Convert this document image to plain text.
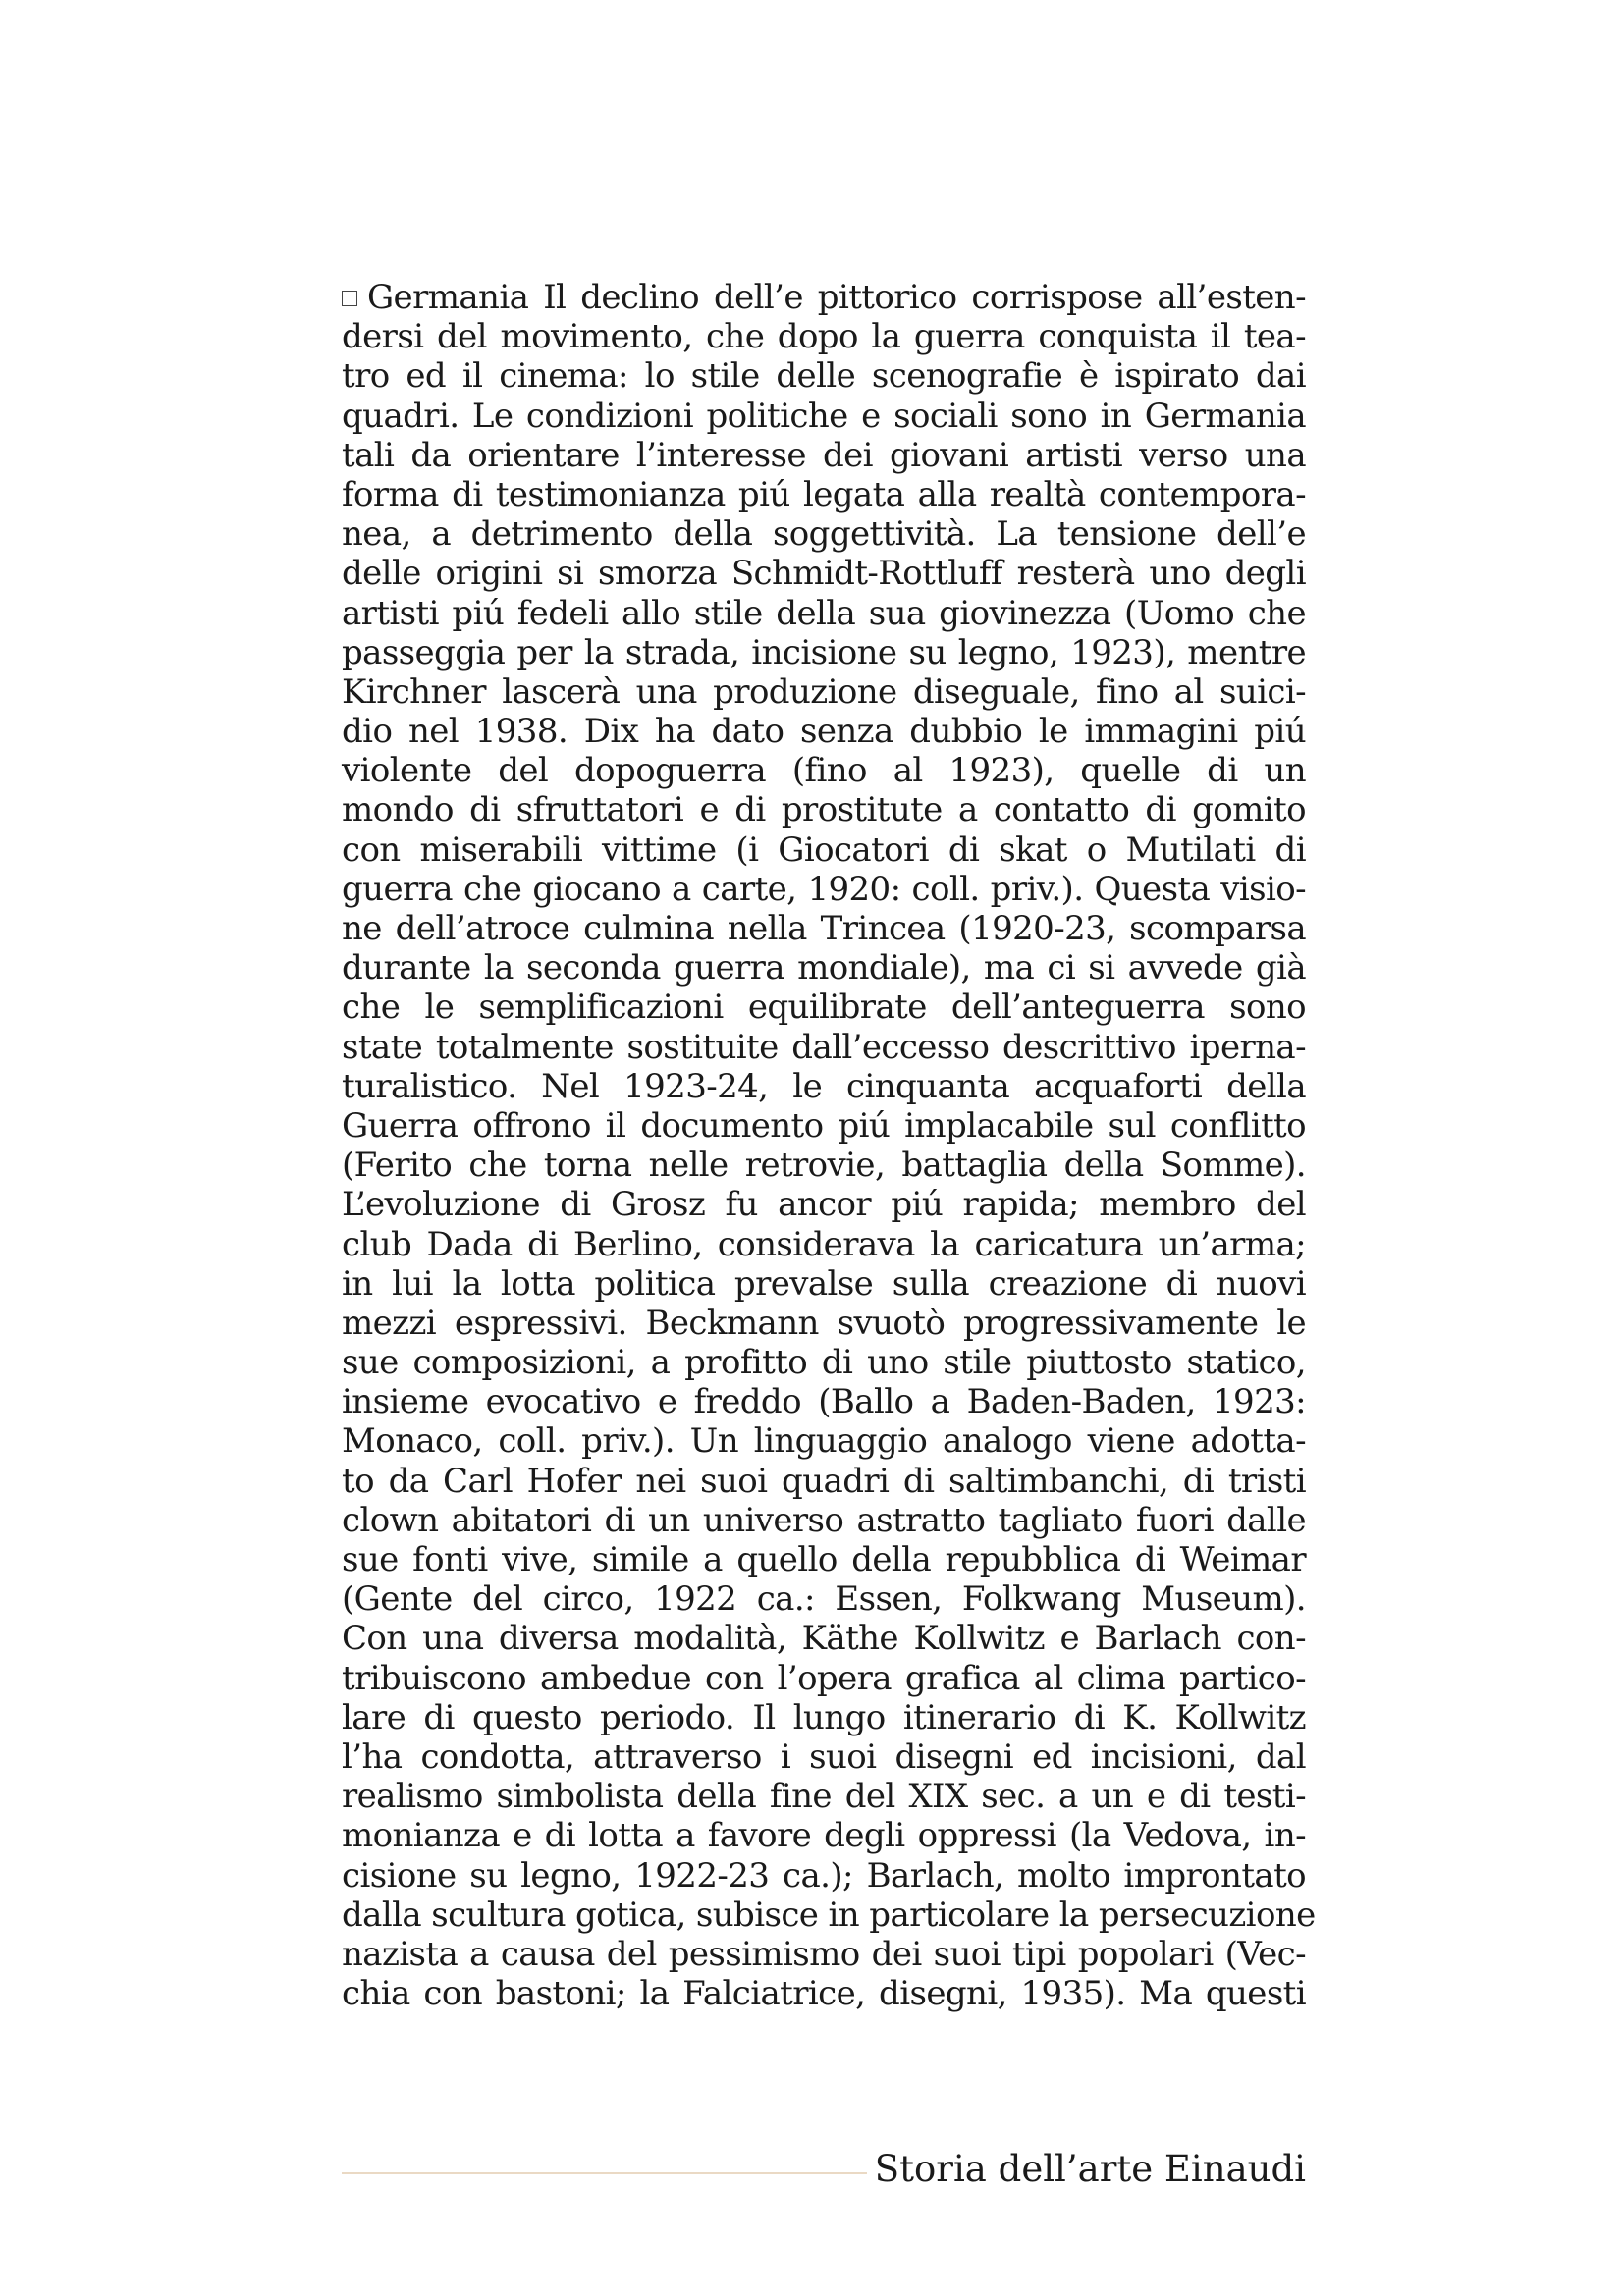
Germania Il declino dell’e pittorico corrispose all’esten-
dersi del movimento, che dopo la guerra conquista il tea-
tro ed il cinema: lo stile delle scenografie è ispirato dai
quadri. Le condizioni politiche e sociali sono in Germania
tali da orientare l’interesse dei giovani artisti verso una
forma di testimonianza piú legata alla realtà contempora-
nea, a detrimento della soggettività. La tensione dell’e
delle origini si smorza Schmidt-Rottluff resterà uno degli
artisti piú fedeli allo stile della sua giovinezza (Uomo che
passeggia per la strada, incisione su legno, 1923), mentre
Kirchner lascerà una produzione diseguale, fino al suici-
dio nel 1938. Dix ha dato senza dubbio le immagini piú
violente del dopoguerra (fino al 1923), quelle di un
mondo di sfruttatori e di prostitute a contatto di gomito
con miserabili vittime (i Giocatori di skat o Mutilati di
guerra che giocano a carte, 1920: coll. priv.). Questa visio-
ne dell’atroce culmina nella Trincea (1920-23, scomparsa
durante la seconda guerra mondiale), ma ci si avvede già
che le semplificazioni equilibrate dell’anteguerra sono
state totalmente sostituite dall’eccesso descrittivo iperna-
turalistico. Nel 1923-24, le cinquanta acquaforti della
Guerra offrono il documento piú implacabile sul conflitto
(Ferito che torna nelle retrovie, battaglia della Somme).
L’evoluzione di Grosz fu ancor piú rapida; membro del
club Dada di Berlino, considerava la caricatura un’arma;
in lui la lotta politica prevalse sulla creazione di nuovi
mezzi espressivi. Beckmann svuotò progressivamente le
sue composizioni, a profitto di uno stile piuttosto statico,
insieme evocativo e freddo (Ballo a Baden-Baden, 1923:
Monaco, coll. priv.). Un linguaggio analogo viene adotta-
to da Carl Hofer nei suoi quadri di saltimbanchi, di tristi
clown abitatori di un universo astratto tagliato fuori dalle
sue fonti vive, simile a quello della repubblica di Weimar
(Gente del circo, 1922 ca.: Essen, Folkwang Museum).
Con una diversa modalità, Käthe Kollwitz e Barlach con-
tribuiscono ambedue con l’opera grafica al clima partico-
lare di questo periodo. Il lungo itinerario di K. Kollwitz
l’ha condotta, attraverso i suoi disegni ed incisioni, dal
realismo simbolista della fine del XIX sec. a un e di testi-
monianza e di lotta a favore degli oppressi (la Vedova, in-
cisione su legno, 1922-23 ca.); Barlach, molto improntato
dalla scultura gotica, subisce in particolare la persecuzione
nazista a causa del pessimismo dei suoi tipi popolari (Vec-
chia con bastoni; la Falciatrice, disegni, 1935). Ma questi
Storia dell’arte Einaudi
